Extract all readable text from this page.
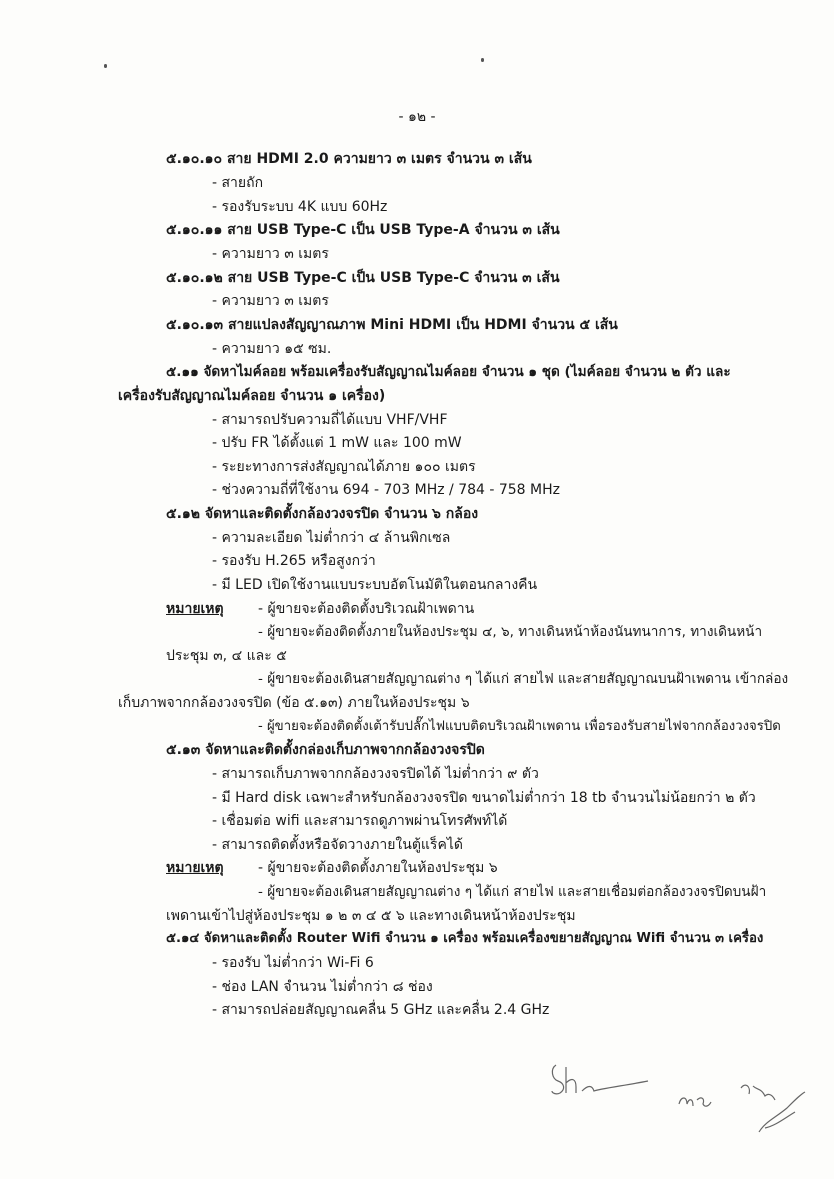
- ๑๒ -
๕.๑๐.๑๐ สาย HDMI 2.0 ความยาว ๓ เมตร จำนวน ๓ เส้น
- สายถัก
- รองรับระบบ 4K แบบ 60Hz
๕.๑๐.๑๑ สาย USB Type-C เป็น USB Type-A จำนวน ๓ เส้น
- ความยาว ๓ เมตร
๕.๑๐.๑๒ สาย USB Type-C เป็น USB Type-C จำนวน ๓ เส้น
- ความยาว ๓ เมตร
๕.๑๐.๑๓ สายแปลงสัญญาณภาพ Mini HDMI เป็น HDMI จำนวน ๕ เส้น
- ความยาว ๑๕ ซม.
๕.๑๑ จัดหาไมค์ลอย พร้อมเครื่องรับสัญญาณไมค์ลอย จำนวน ๑ ชุด (ไมค์ลอย จำนวน ๒ ตัว และ
เครื่องรับสัญญาณไมค์ลอย จำนวน ๑ เครื่อง)
- สามารถปรับความถี่ได้แบบ VHF/VHF
- ปรับ FR ได้ตั้งแต่ 1 mW และ 100 mW
- ระยะทางการส่งสัญญาณได้ภาย ๑๐๐ เมตร
- ช่วงความถี่ที่ใช้งาน 694 - 703 MHz / 784 - 758 MHz
๕.๑๒ จัดหาและติดตั้งกล้องวงจรปิด จำนวน ๖ กล้อง
- ความละเอียด ไม่ต่ำกว่า ๔ ล้านพิกเซล
- รองรับ H.265 หรือสูงกว่า
- มี LED เปิดใช้งานแบบระบบอัตโนมัติในตอนกลางคืน
หมายเหตุ - ผู้ขายจะต้องติดตั้งบริเวณฝ้าเพดาน
- ผู้ขายจะต้องติดตั้งภายในห้องประชุม ๔, ๖, ทางเดินหน้าห้องนันทนาการ, ทางเดินหน้า
ประชุม ๓, ๔ และ ๕
- ผู้ขายจะต้องเดินสายสัญญาณต่าง ๆ ได้แก่ สายไฟ และสายสัญญาณบนฝ้าเพดาน เข้ากล่อง
เก็บภาพจากกล้องวงจรปิด (ข้อ ๕.๑๓) ภายในห้องประชุม ๖
- ผู้ขายจะต้องติดตั้งเต้ารับปลั๊กไฟแบบติดบริเวณฝ้าเพดาน เพื่อรองรับสายไฟจากกล้องวงจรปิด
๕.๑๓ จัดหาและติดตั้งกล่องเก็บภาพจากกล้องวงจรปิด
- สามารถเก็บภาพจากกล้องวงจรปิดได้ ไม่ต่ำกว่า ๙ ตัว
- มี Hard disk เฉพาะสำหรับกล้องวงจรปิด ขนาดไม่ต่ำกว่า 18 tb จำนวนไม่น้อยกว่า ๒ ตัว
- เชื่อมต่อ wifi และสามารถดูภาพผ่านโทรศัพท์ได้
- สามารถติดตั้งหรือจัดวางภายในตู้แร็คได้
หมายเหตุ - ผู้ขายจะต้องติดตั้งภายในห้องประชุม ๖
- ผู้ขายจะต้องเดินสายสัญญาณต่าง ๆ ได้แก่ สายไฟ และสายเชื่อมต่อกล้องวงจรปิดบนฝ้า
เพดานเข้าไปสู่ห้องประชุม ๑ ๒ ๓ ๔ ๕ ๖ และทางเดินหน้าห้องประชุม
๕.๑๔ จัดหาและติดตั้ง Router Wifi จำนวน ๑ เครื่อง พร้อมเครื่องขยายสัญญาณ Wifi จำนวน ๓ เครื่อง
- รองรับ ไม่ต่ำกว่า Wi-Fi 6
- ช่อง LAN จำนวน ไม่ต่ำกว่า ๘ ช่อง
- สามารถปล่อยสัญญาณคลื่น 5 GHz และคลื่น 2.4 GHz
